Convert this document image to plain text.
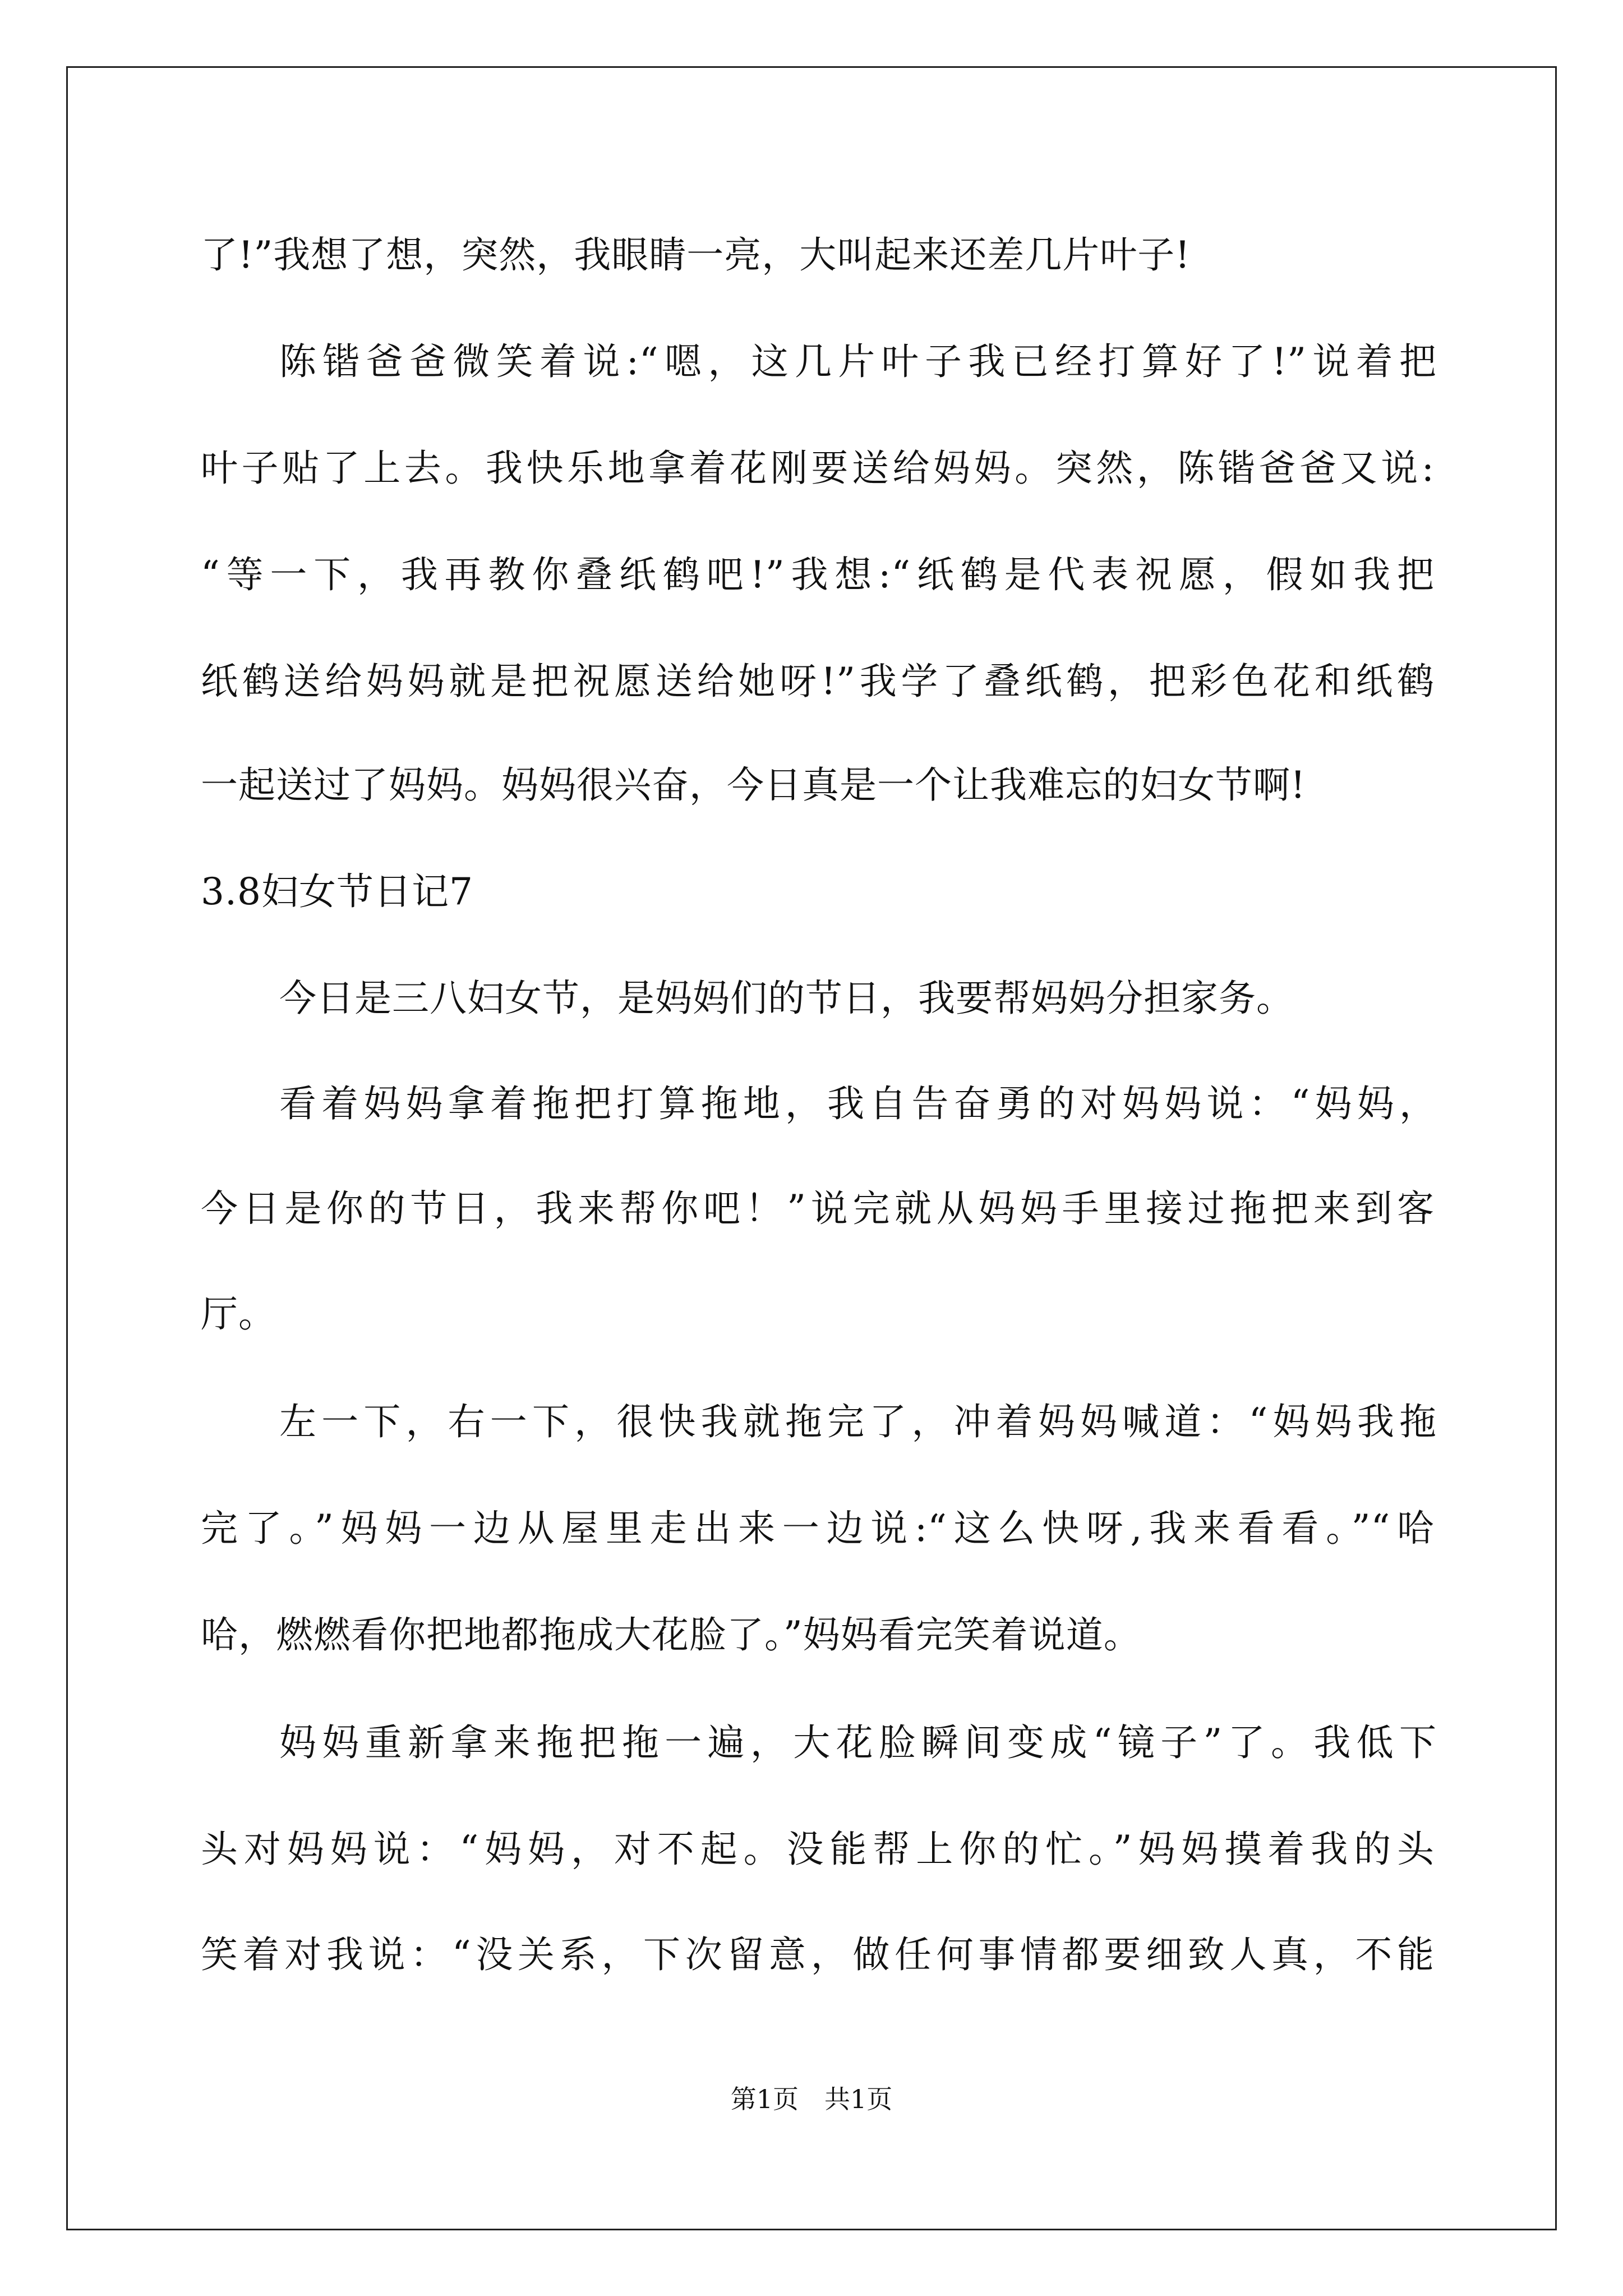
了!”我想了想，突然，我眼睛一亮，大叫起来还差几片叶子!
陈锴爸爸微笑着说:“嗯，这几片叶子我已经打算好了!”说着把
叶子贴了上去。我快乐地拿着花刚要送给妈妈。突然，陈锴爸爸又说:
“等一下，我再教你叠纸鹤吧!”我想:“纸鹤是代表祝愿，假如我把
纸鹤送给妈妈就是把祝愿送给她呀!”我学了叠纸鹤，把彩色花和纸鹤
一起送过了妈妈。妈妈很兴奋，今日真是一个让我难忘的妇女节啊!
3.8妇女节日记7
今日是三八妇女节，是妈妈们的节日，我要帮妈妈分担家务。
看着妈妈拿着拖把打算拖地，我自告奋勇的对妈妈说：“妈妈，
今日是你的节日，我来帮你吧！”说完就从妈妈手里接过拖把来到客
厅。
左一下，右一下，很快我就拖完了，冲着妈妈喊道：“妈妈我拖
完了。”妈妈一边从屋里走出来一边说:“这么快呀,我来看看。”“哈
哈，燃燃看你把地都拖成大花脸了。”妈妈看完笑着说道。
妈妈重新拿来拖把拖一遍，大花脸瞬间变成“镜子”了。我低下
头对妈妈说：“妈妈，对不起。没能帮上你的忙。”妈妈摸着我的头
笑着对我说：“没关系，下次留意，做任何事情都要细致人真，不能
第1页　共1页
